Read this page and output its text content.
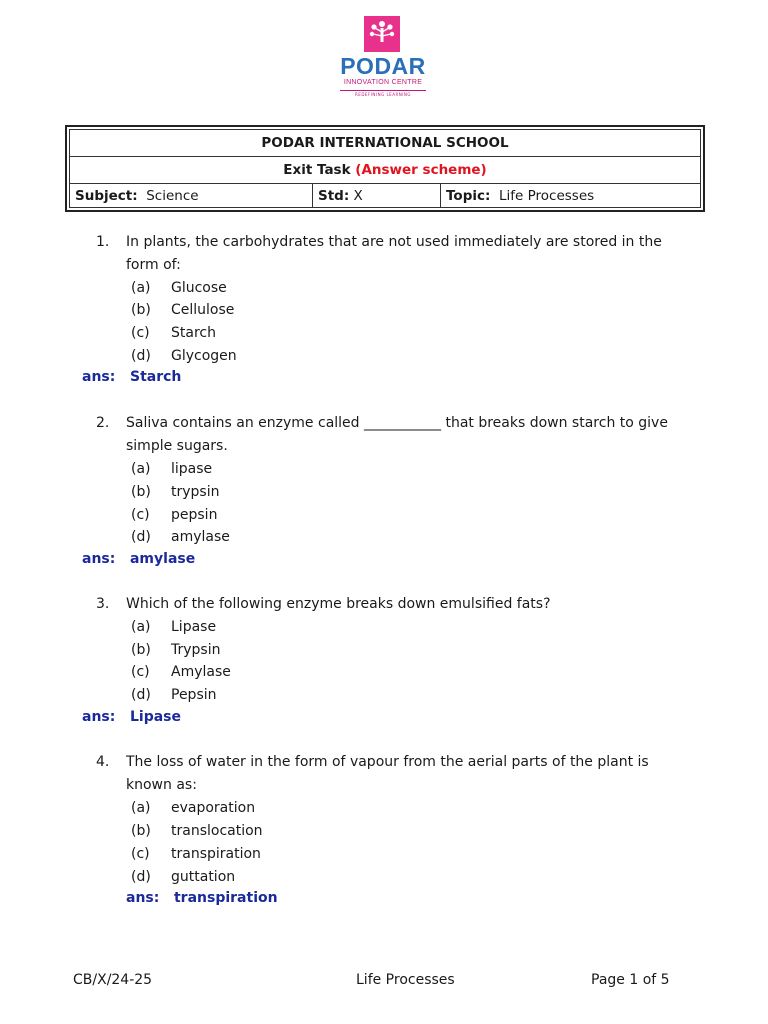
Since 1927
PODAR
INNOVATION CENTRE
REDEFINING LEARNING
PODAR INTERNATIONAL SCHOOL
Exit Task (Answer scheme)
Subject: Science	Std: X	Topic: Life Processes
1. In plants, the carbohydrates that are not used immediately are stored in the form of:
(a)	Glucose
(b)	Cellulose
(c)	Starch
(d)	Glycogen
ans: Starch
2. Saliva contains an enzyme called ___________ that breaks down starch to give simple sugars.
(a)	lipase
(b)	trypsin
(c)	pepsin
(d)	amylase
ans: amylase
3. Which of the following enzyme breaks down emulsified fats?
(a)	Lipase
(b)	Trypsin
(c)	Amylase
(d)	Pepsin
ans: Lipase
4. The loss of water in the form of vapour from the aerial parts of the plant is known as:
(a)	evaporation
(b)	translocation
(c)	transpiration
(d)	guttation
ans: transpiration
CB/X/24-25	Life Processes	Page 1 of 5
